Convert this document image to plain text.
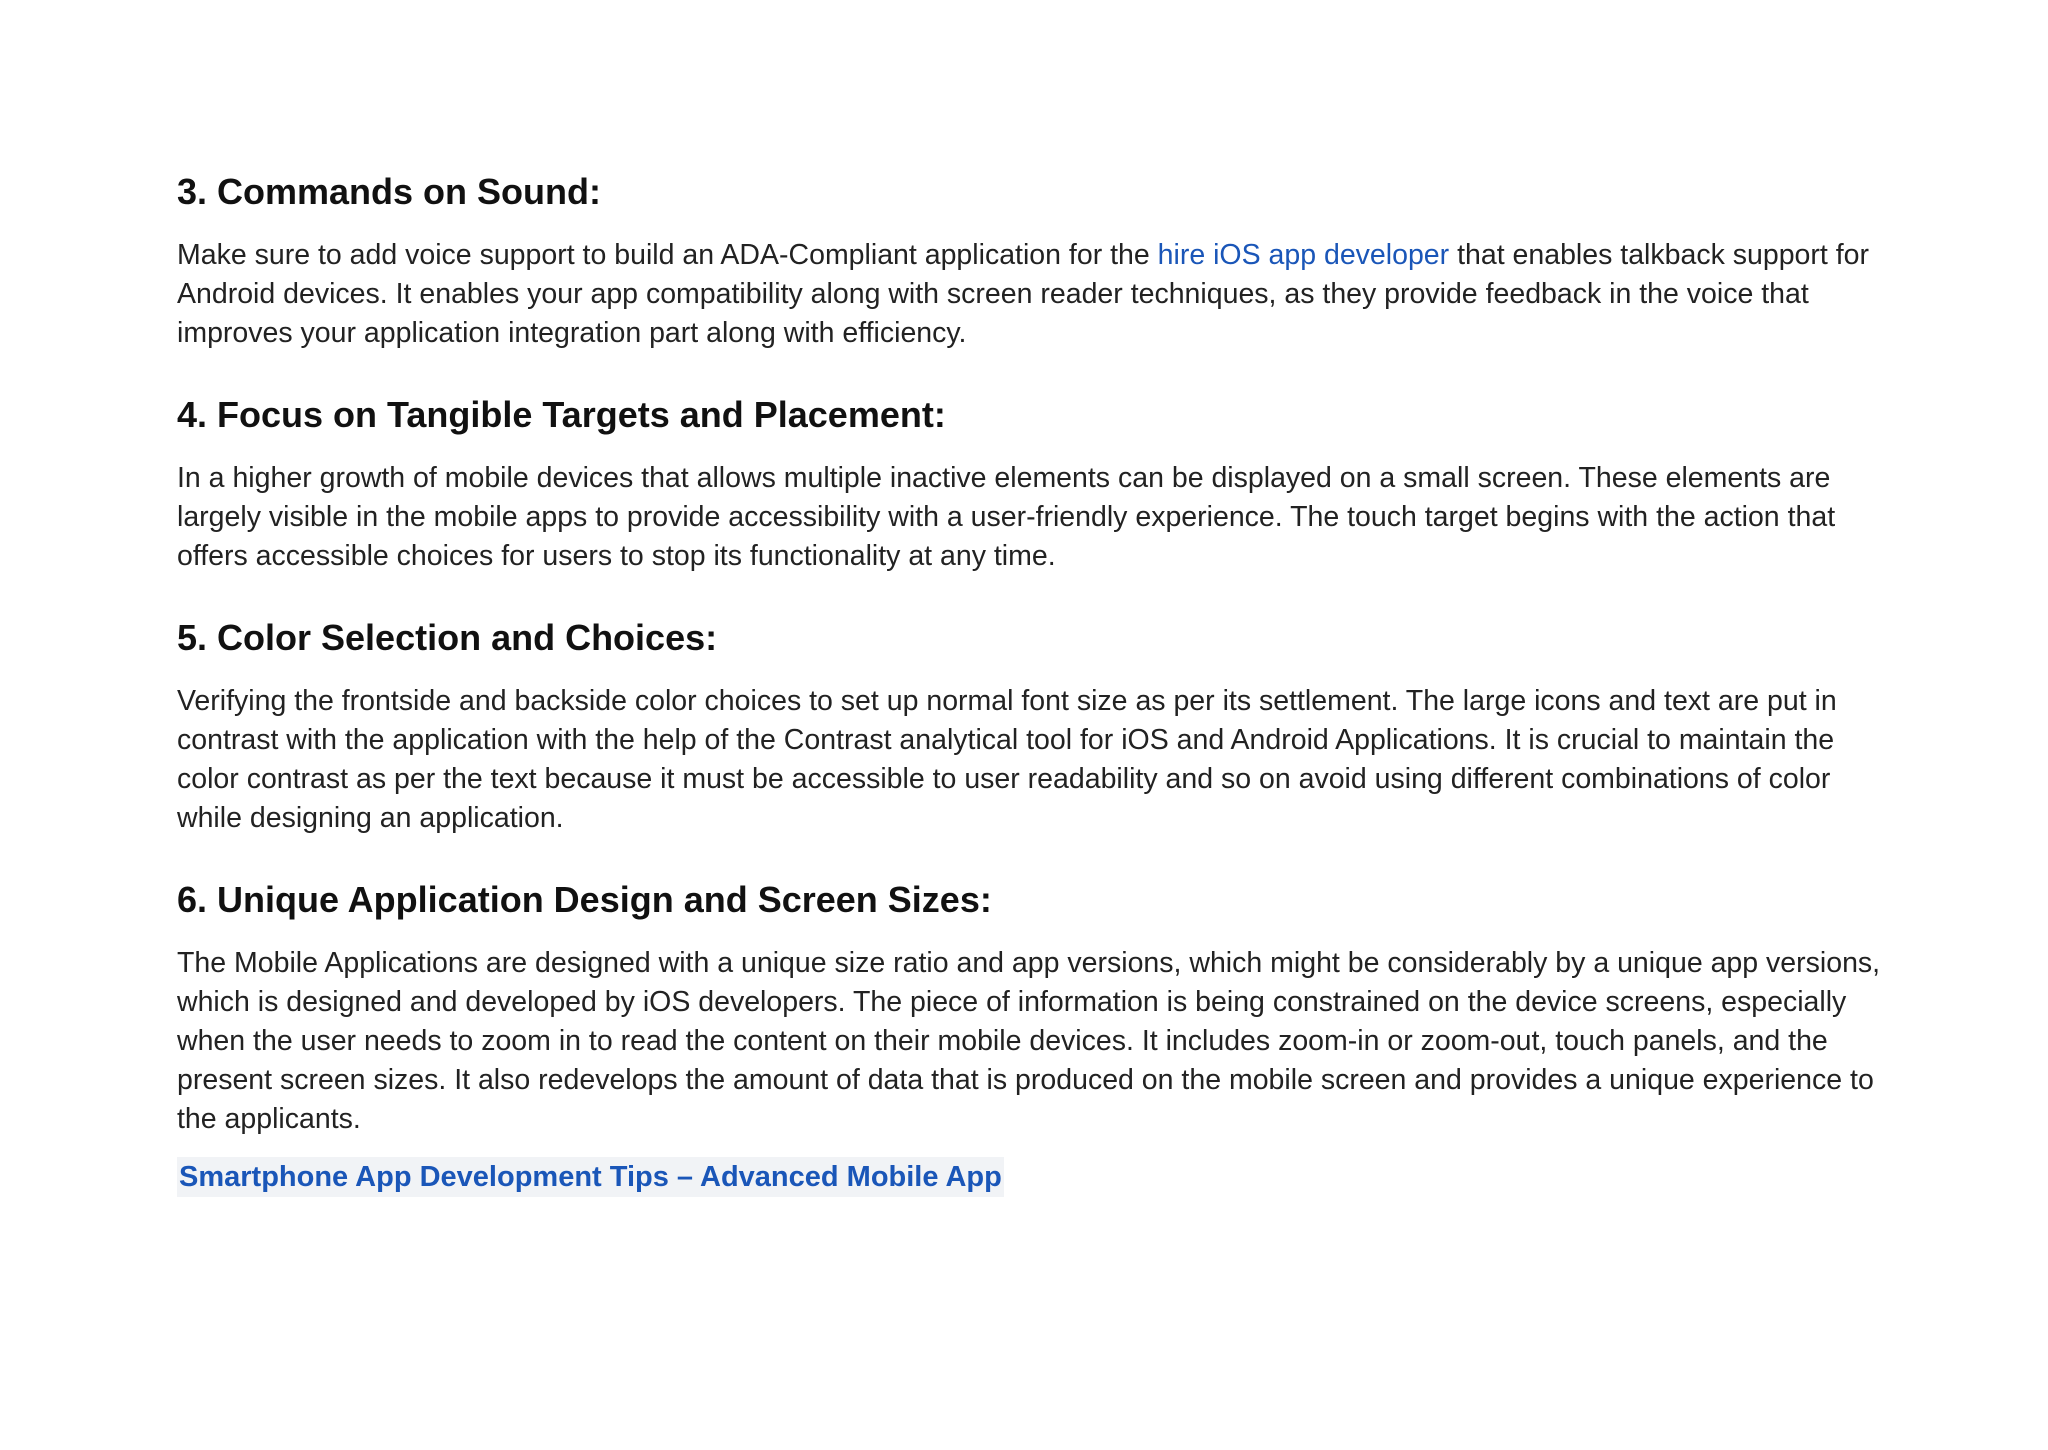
3. Commands on Sound:

Make sure to add voice support to build an ADA-Compliant application for the hire iOS app developer that enables talkback support for Android devices. It enables your app compatibility along with screen reader techniques, as they provide feedback in the voice that improves your application integration part along with efficiency.

4. Focus on Tangible Targets and Placement:

In a higher growth of mobile devices that allows multiple inactive elements can be displayed on a small screen. These elements are largely visible in the mobile apps to provide accessibility with a user-friendly experience. The touch target begins with the action that offers accessible choices for users to stop its functionality at any time.

5. Color Selection and Choices:

Verifying the frontside and backside color choices to set up normal font size as per its settlement. The large icons and text are put in contrast with the application with the help of the Contrast analytical tool for iOS and Android Applications. It is crucial to maintain the color contrast as per the text because it must be accessible to user readability and so on avoid using different combinations of color while designing an application.

6. Unique Application Design and Screen Sizes:

The Mobile Applications are designed with a unique size ratio and app versions, which might be considerably by a unique app versions, which is designed and developed by iOS developers. The piece of information is being constrained on the device screens, especially when the user needs to zoom in to read the content on their mobile devices. It includes zoom-in or zoom-out, touch panels, and the present screen sizes. It also redevelops the amount of data that is produced on the mobile screen and provides a unique experience to the applicants.

Smartphone App Development Tips – Advanced Mobile App
